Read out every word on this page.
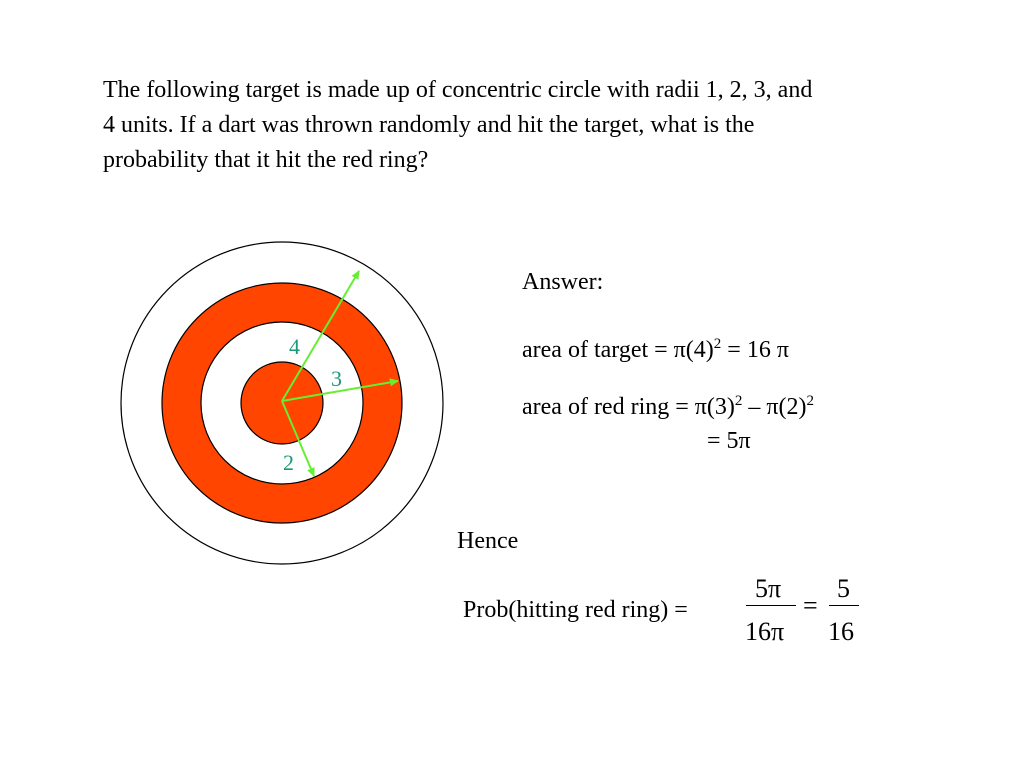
The following target is made up of concentric circle with radii 1, 2, 3, and
4 units. If a dart was thrown randomly and hit the target, what is the
probability that it hit the red ring?
4
3
2
Answer:
area of target = $\pi(4)^2 = 16$ π
area of red ring = $\pi(3)^2 - \pi(2)^2$
= 5π
Hence
Prob(hitting red ring) =
5π
16π
=
5
16
